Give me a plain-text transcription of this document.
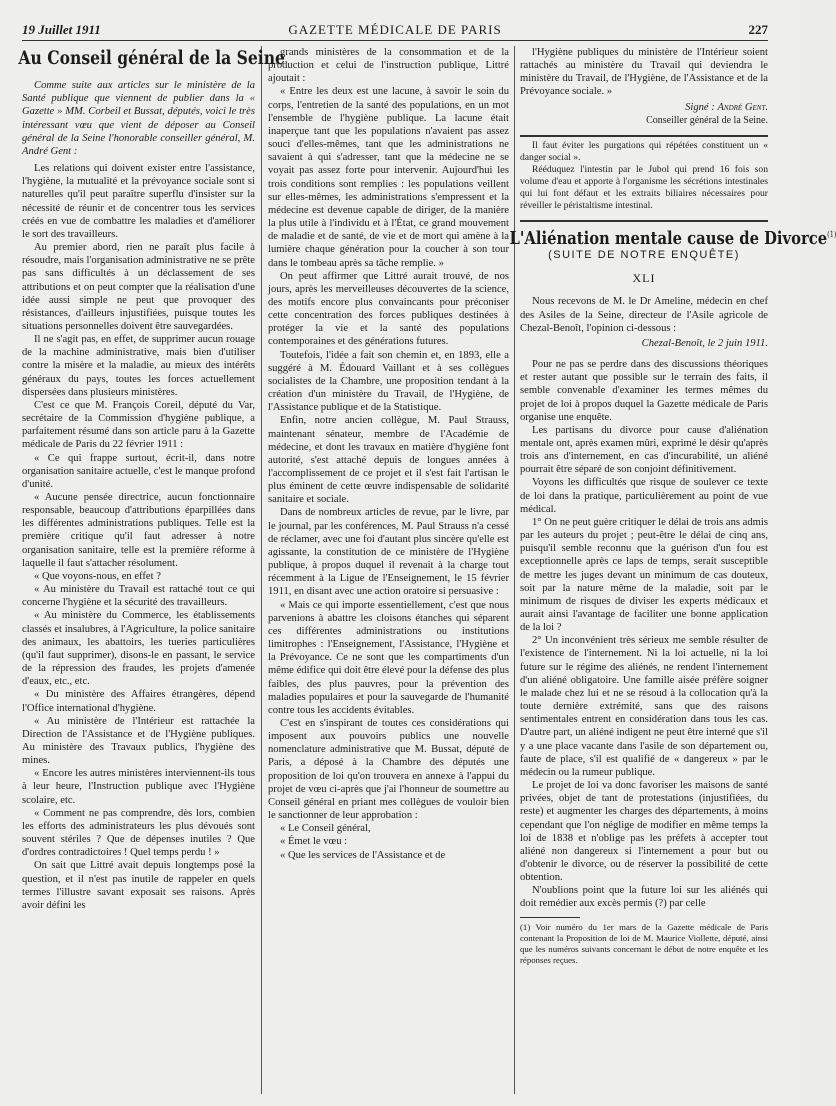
19 Juillet 1911	GAZETTE MÉDICALE DE PARIS	227
Au Conseil général de la Seine

Comme suite aux articles sur le ministère de la Santé publique que viennent de publier dans la « Gazette » MM. Corbeil et Bussat, députés, voici le très intéressant vœu que vient de déposer au Conseil général de la Seine l'honorable conseiller général, M. André Gent :

Les relations qui doivent exister entre l'assistance, l'hygiène, la mutualité et la prévoyance sociale sont si naturelles qu'il peut paraître superflu d'insister sur la nécessité de réunir et de concentrer tous les services créés en vue de combattre les maladies et d'améliorer le sort des travailleurs.

Au premier abord, rien ne paraît plus facile à résoudre, mais l'organisation administrative ne se prête pas sans difficultés à un déclassement de ses attributions et on peut compter que la réalisation d'une idée aussi simple ne peut que provoquer des résistances, d'ailleurs injustifiées, puisque toutes les situations personnelles doivent être sauvegardées.

Il ne s'agit pas, en effet, de supprimer aucun rouage de la machine administrative, mais bien d'utiliser contre la misère et la maladie, au mieux des intérêts généraux du pays, toutes les forces actuellement dispersées dans plusieurs ministères.

C'est ce que M. François Coreil, député du Var, secrétaire de la Commission d'hygiène publique, a parfaitement résumé dans son article paru à la Gazette médicale de Paris du 22 février 1911 :

« Ce qui frappe surtout, écrit-il, dans notre organisation sanitaire actuelle, c'est le manque profond d'unité.

« Aucune pensée directrice, aucun fonctionnaire responsable, beaucoup d'attributions éparpillées dans les différentes administrations publiques. Telle est la première critique qu'il faut adresser à notre organisation sanitaire, telle est la première réforme à laquelle il faut s'attacher résolument.

« Que voyons-nous, en effet ?

« Au ministère du Travail est rattaché tout ce qui concerne l'hygiène et la sécurité des travailleurs.

« Au ministère du Commerce, les établissements classés et insalubres, à l'Agriculture, la police sanitaire des animaux, les abattoirs, les tueries particulières (qu'il faut supprimer), disons-le en passant, le service de la répression des fraudes, les projets d'amenée d'eaux, etc., etc.

« Du ministère des Affaires étrangères, dépend l'Office international d'hygiène.

« Au ministère de l'Intérieur est rattachée la Direction de l'Assistance et de l'Hygiène publiques. Au ministère des Travaux publics, l'hygiène des mines.

« Encore les autres ministères interviennent-ils tous à leur heure, l'Instruction publique avec l'Hygiène scolaire, etc.

« Comment ne pas comprendre, dès lors, combien les efforts des administrateurs les plus dévoués sont souvent stériles ? Que de dépenses inutiles ? Que d'ordres contradictoires ! Quel temps perdu ! »

On sait que Littré avait depuis longtemps posé la question, et il n'est pas inutile de rappeler en quels termes l'illustre savant exposait ses raisons. Après avoir défini les

grands ministères de la consommation et de la production et celui de l'instruction publique, Littré ajoutait :

« Entre les deux est une lacune, à savoir le soin du corps, l'entretien de la santé des populations, en un mot l'ensemble de l'hygiène publique. La lacune était inaperçue tant que les populations n'avaient pas assez souci d'elles-mêmes, tant que les administrations ne savaient à qui s'adresser, tant que la médecine ne se voyait pas assez forte pour intervenir. Aujourd'hui les trois conditions sont remplies : les populations veillent sur elles-mêmes, les administrations s'empressent et la médecine est devenue capable de diriger, de la manière la plus utile à l'individu et à l'État, ce grand mouvement de maladie et de santé, de vie et de mort qui amène à la lumière chaque génération pour la coucher à son tour dans le tombeau après sa tâche remplie. »

On peut affirmer que Littré aurait trouvé, de nos jours, après les merveilleuses découvertes de la science, des motifs encore plus convaincants pour préconiser cette concentration des forces publiques destinées à protéger la vie et la santé des populations contemporaines et des générations futures.

Toutefois, l'idée a fait son chemin et, en 1893, elle a suggéré à M. Édouard Vaillant et à ses collègues socialistes de la Chambre, une proposition tendant à la création d'un ministère du Travail, de l'Hygiène, de l'Assistance publique et de la Statistique.

Enfin, notre ancien collègue, M. Paul Strauss, maintenant sénateur, membre de l'Académie de médecine, et dont les travaux en matière d'hygiène font autorité, s'est attaché depuis de longues années à l'accomplissement de ce projet et il s'est fait l'artisan le plus éminent de cette œuvre indispensable de solidarité sanitaire et sociale.

Dans de nombreux articles de revue, par le livre, par le journal, par les conférences, M. Paul Strauss n'a cessé de réclamer, avec une foi d'autant plus sincère qu'elle est agissante, la constitution de ce ministère de l'Hygiène publique, à propos duquel il revenait à la charge tout récemment à la Ligue de l'Enseignement, le 15 février 1911, en disant avec une action oratoire si persuasive :

« Mais ce qui importe essentiellement, c'est que nous parvenions à abattre les cloisons étanches qui séparent ces différentes administrations ou institutions limitrophes : l'Enseignement, l'Assistance, l'Hygiène et la Prévoyance. Ce ne sont que les compartiments d'un même édifice qui doit être élevé pour la défense des plus faibles, des plus pauvres, pour la prévention des maladies populaires et pour la sauvegarde de l'humanité contre tous les accidents évitables.

C'est en s'inspirant de toutes ces considérations qui imposent aux pouvoirs publics une nouvelle nomenclature administrative que M. Bussat, député de Paris, a déposé à la Chambre des députés une proposition de loi qu'on trouvera en annexe à l'appui du projet de vœu ci-après que j'ai l'honneur de soumettre au Conseil général en priant mes collègues de vouloir bien le sanctionner de leur approbation :

« Le Conseil général,

« Émet le vœu :

« Que les services de l'Assistance et de

l'Hygiène publiques du ministère de l'Intérieur soient rattachés au ministère du Travail qui deviendra le ministère du Travail, de l'Hygiène, de l'Assistance et de la Prévoyance sociale. »

Signé : André Gent.
Conseiller général de la Seine.

Il faut éviter les purgations qui répétées constituent un « danger social ».

Rééduquez l'intestin par le Jubol qui prend 16 fois son volume d'eau et apporte à l'organisme les sécrétions intestinales qui lui font défaut et les extraits biliaires nécessaires pour réveiller le péristaltisme intestinal.

L'Aliénation mentale cause de Divorce$^{(1)}$
(SUITE DE NOTRE ENQUÊTE)
XLI

Nous recevons de M. le Dr Ameline, médecin en chef des Asiles de la Seine, directeur de l'Asile agricole de Chezal-Benoît, l'opinion ci-dessous :

Chezal-Benoît, le 2 juin 1911.

Pour ne pas se perdre dans des discussions théoriques et rester autant que possible sur le terrain des faits, il semble convenable d'examiner les termes mêmes du projet de loi à propos duquel la Gazette médicale de Paris organise une enquête.

Les partisans du divorce pour cause d'aliénation mentale ont, après examen mûri, exprimé le désir qu'après trois ans d'internement, en cas d'incurabilité, un aliéné pourrait être séparé de son conjoint définitivement.

Voyons les difficultés que risque de soulever ce texte de loi dans la pratique, particulièrement au point de vue médical.

1° On ne peut guère critiquer le délai de trois ans admis par les auteurs du projet ; peut-être le délai de cinq ans, puisqu'il semble reconnu que la guérison d'un fou est exceptionnelle après ce laps de temps, serait susceptible de mettre les juges devant un minimum de cas douteux, soit par la nature même de la maladie, soit par le minimum de risques de diviser les experts médicaux et aurait ainsi l'avantage de faciliter une bonne application de la loi ?

2° Un inconvénient très sérieux me semble résulter de l'existence de l'internement. Ni la loi actuelle, ni la loi future sur le régime des aliénés, ne rendent l'internement d'un aliéné obligatoire. Une famille aisée préfère soigner le malade chez lui et ne se résoud à la collocation qu'à la toute dernière extrémité, sans que des raisons sentimentales entrent en considération dans tous les cas. D'autre part, un aliéné indigent ne peut être interné que s'il y a une place vacante dans l'asile de son département ou, faute de place, s'il est qualifié de « dangereux » par le médecin ou la rumeur publique.

Le projet de loi va donc favoriser les maisons de santé privées, objet de tant de protestations (injustifiées, du reste) et augmenter les charges des départements, à moins cependant que l'on néglige de modifier en même temps la loi de 1838 et n'oblige pas les préfets à accepter tout aliéné non dangereux si l'internement a pour but ou d'obtenir le divorce, ou de réserver la possibilité de cette obtention.

N'oublions point que la future loi sur les aliénés qui doit remédier aux excès permis (?) par celle

(1) Voir numéro du 1er mars de la Gazette médicale de Paris contenant la Proposition de loi de M. Maurice Viollette, député, ainsi que les numéros suivants concernant le début de notre enquête et les réponses reçues.
